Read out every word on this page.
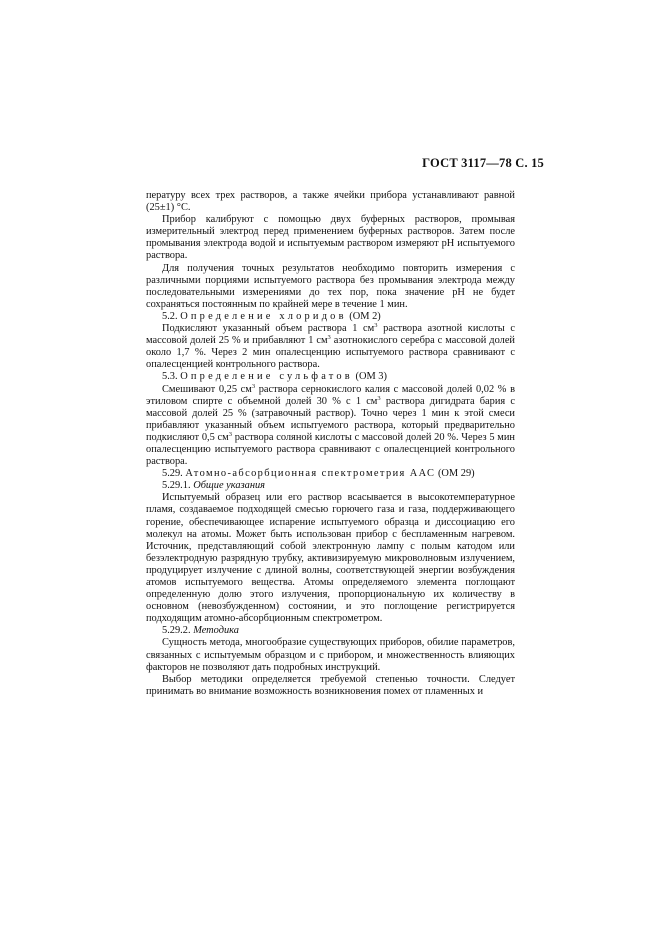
ГОСТ 3117—78 С. 15

пературу всех трех растворов, а также ячейки прибора устанавливают равной (25±1) °С.

Прибор калибруют с помощью двух буферных растворов, промывая измерительный электрод перед применением буферных растворов. Затем после промывания электрода водой и испытуемым раствором измеряют pH испытуемого раствора.

Для получения точных результатов необходимо повторить измерения с различными порциями испытуемого раствора без промывания электрода между последовательными измерениями до тех пор, пока значение pH не будет сохраняться постоянным по крайней мере в течение 1 мин.

5.2. Определение хлоридов (ОМ 2)

Подкисляют указанный объем раствора 1 $см^3$ раствора азотной кислоты с массовой долей 25 % и прибавляют 1 $см^3$ азотнокислого серебра с массовой долей около 1,7 %. Через 2 мин опалесценцию испытуемого раствора сравнивают с опалесценцией контрольного раствора.

5.3. Определение сульфатов (ОМ 3)

Смешивают 0,25 $см^3$ раствора сернокислого калия с массовой долей 0,02 % в этиловом спирте с объемной долей 30 % с 1 $см^3$ раствора дигидрата бария с массовой долей 25 % (затравочный раствор). Точно через 1 мин к этой смеси прибавляют указанный объем испытуемого раствора, который предварительно подкисляют 0,5 $см^3$ раствора соляной кислоты с массовой долей 20 %. Через 5 мин опалесценцию испытуемого раствора сравнивают с опалесценцией контрольного раствора.

5.29. Атомно-абсорбционная спектрометрия ААС (ОМ 29)

5.29.1. Общие указания

Испытуемый образец или его раствор всасывается в высокотемпературное пламя, создаваемое подходящей смесью горючего газа и газа, поддерживающего горение, обеспечивающее испарение испытуемого образца и диссоциацию его молекул на атомы. Может быть использован прибор с беспламенным нагревом. Источник, представляющий собой электронную лампу с полым катодом или безэлектродную разрядную трубку, активизируемую микроволновым излучением, продуцирует излучение с длиной волны, соответствующей энергии возбуждения атомов испытуемого вещества. Атомы определяемого элемента поглощают определенную долю этого излучения, пропорциональную их количеству в основном (невозбужденном) состоянии, и это поглощение регистрируется подходящим атомно-абсорбционным спектрометром.

5.29.2. Методика

Сущность метода, многообразие существующих приборов, обилие параметров, связанных с испытуемым образцом и с прибором, и множественность влияющих факторов не позволяют дать подробных инструкций.

Выбор методики определяется требуемой степенью точности. Следует принимать во внимание возможность возникновения помех от пламенных и
